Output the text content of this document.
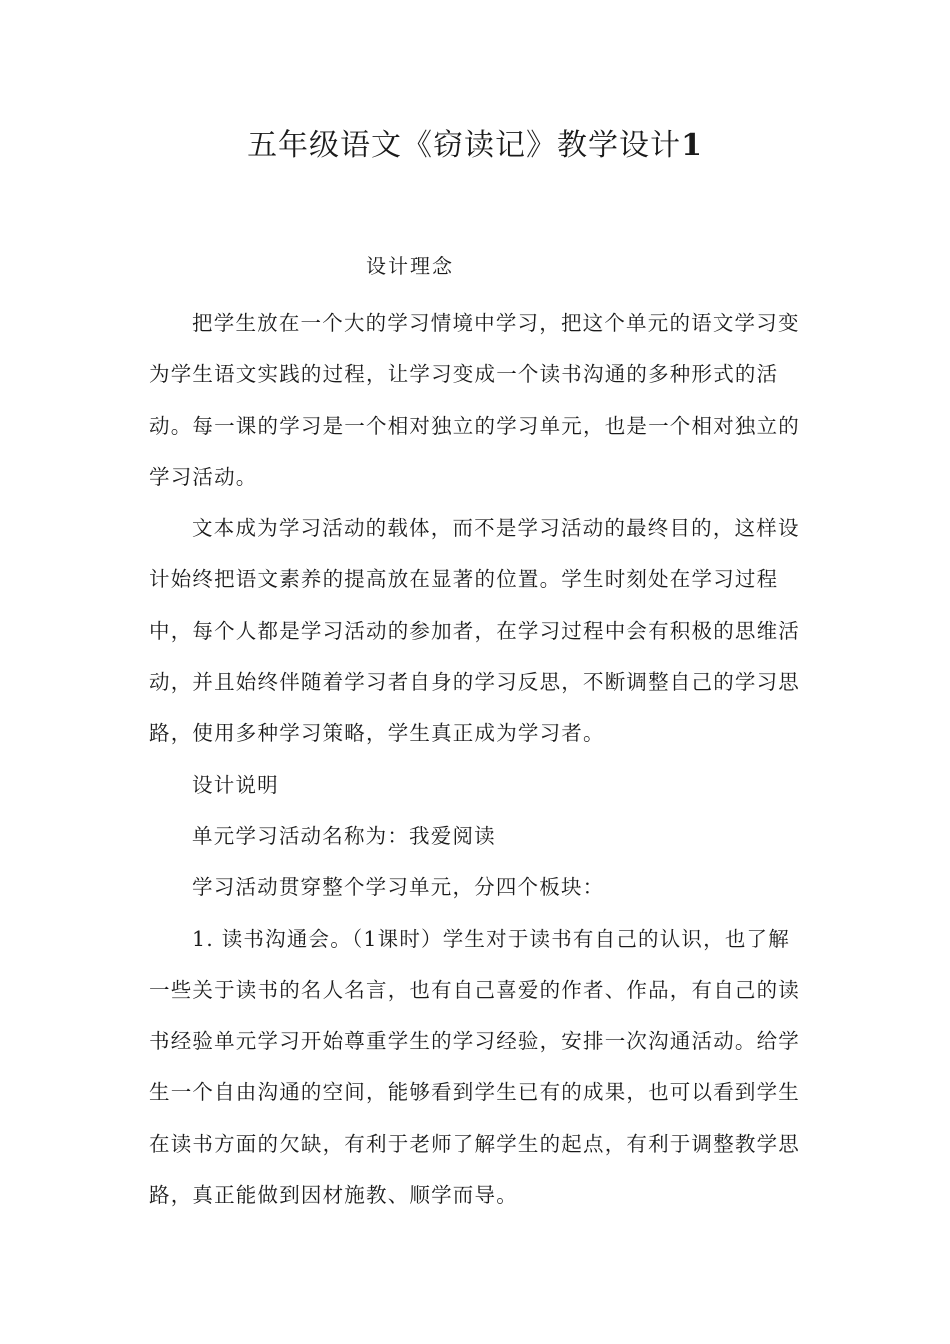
五年级语文《窃读记》教学设计1
设计理念

把学生放在一个大的学习情境中学习，把这个单元的语文学习变为学生语文实践的过程，让学习变成一个读书沟通的多种形式的活动。每一课的学习是一个相对独立的学习单元，也是一个相对独立的学习活动。

文本成为学习活动的载体，而不是学习活动的最终目的，这样设计始终把语文素养的提高放在显著的位置。学生时刻处在学习过程中，每个人都是学习活动的参加者，在学习过程中会有积极的思维活动，并且始终伴随着学习者自身的学习反思，不断调整自己的学习思路，使用多种学习策略，学生真正成为学习者。

设计说明

单元学习活动名称为：我爱阅读

学习活动贯穿整个学习单元，分四个板块：

1. 读书沟通会。（1课时）学生对于读书有自己的认识，也了解一些关于读书的名人名言，也有自己喜爱的作者、作品，有自己的读书经验单元学习开始尊重学生的学习经验，安排一次沟通活动。给学生一个自由沟通的空间，能够看到学生已有的成果，也可以看到学生在读书方面的欠缺，有利于老师了解学生的起点，有利于调整教学思路，真正能做到因材施教、顺学而导。
